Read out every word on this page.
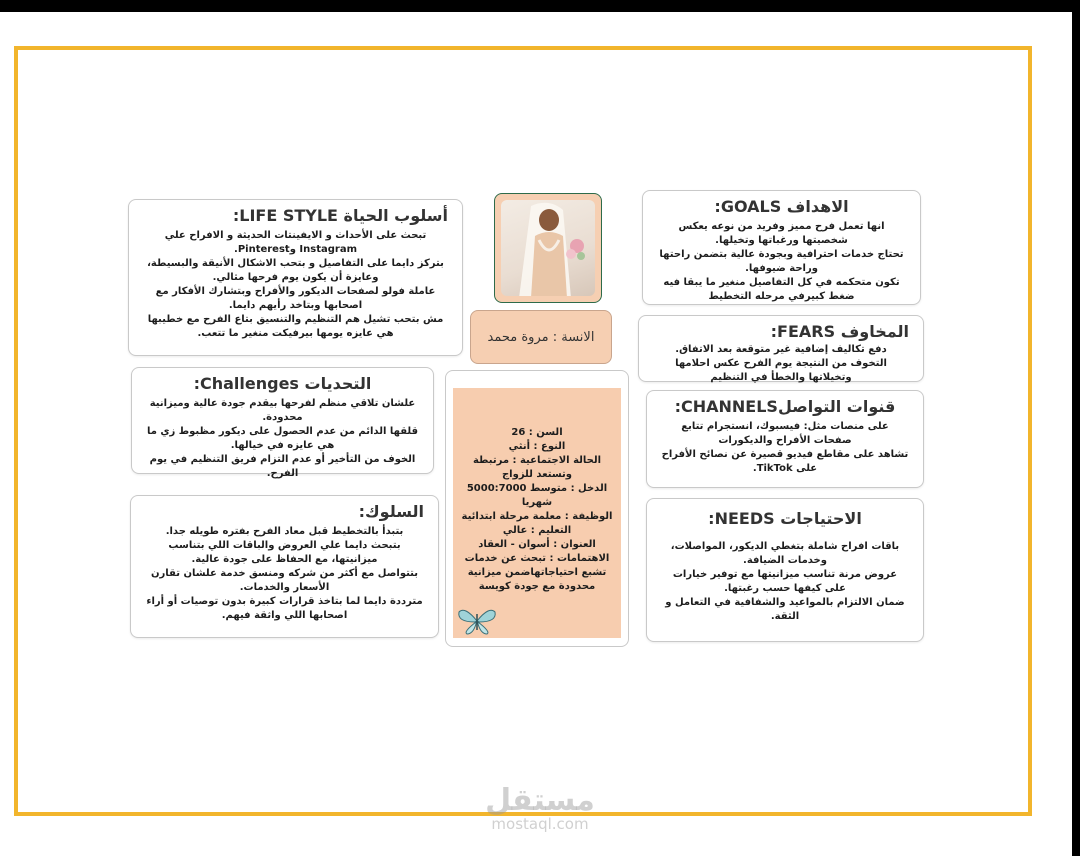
أسلوب الحياة LIFE STYLE:

تبحث على الأحداث و الايفينتات الحديثة و الافراح علي Instagram وPinterest.

بتركز دايما على التفاصيل و بتحب الاشكال الأنيقة والبسيطة، وعايزة أن يكون يوم فرحها مثالي.

عاملة فولو لصفحات الديكور والأفراح وبتشارك الأفكار مع اصحابها وبتاخد رأيهم دايما.

مش بتحب تشيل هم التنظيم والتنسيق بتاع الفرح مع خطيبها هي عايزه يومها بيرفيكت منغير ما تتعب.

التحديات Challenges:

علشان تلاقي منظم لفرحها بيقدم جودة عالية وميزانية محدودة.

قلقها الدائم من عدم الحصول على ديكور مظبوط زي ما هي عايزه في خيالها.

الخوف من التأخير أو عدم التزام فريق التنظيم في يوم الفرح.

السلوك:

بتبدأ بالتخطيط قبل معاد الفرح بفتره طويله جدا.

بتبحث دايما علي العروض والباقات اللي بتناسب ميزانيتها، مع الحفاظ على جودة عالية.

بتتواصل مع أكثر من شركه ومنسق خدمة علشان تقارن الأسعار والخدمات.

مترددة دايما لما بتاخذ قرارات كبيرة بدون توصيات أو أراء اصحابها اللي واثقة فيهم.

الانسة : مروة محمد

السن : 26

النوع : أنثي

الحالة الاجتماعية : مرتبطة وتستعد للزواج

الدخل : متوسط 5000:7000 شهريا

الوظيفة : معلمة مرحلة ابتدائية

التعليم : عالي

العنوان : أسوان - العقاد

الاهتمامات : تبحث عن خدمات تشبع احتياجاتهاضمن ميزانية محدودة مع جودة كويسة

الاهداف GOALS:

انها تعمل فرح مميز وفريد من نوعه يعكس شخصيتها ورغباتها وتخيلها.

تحتاج خدمات احترافية وبجودة عالية بتضمن راحتها وراحة ضيوفها.

تكون متحكمه في كل التفاصيل منغير ما يبقا فيه ضغط كبيرفي مرحله التخطيط

المخاوف FEARS:

دفع تكاليف إضافية غير متوقعة بعد الاتفاق.

التخوف من النتيجة يوم الفرح عكس احلامها وتخيلاتها والخطأ في التنظيم

قنوات التواصلCHANNELS:

على منصات مثل: فيسبوك، انستجرام تتابع صفحات الأفراح والديكورات

تشاهد على مقاطع فيديو قصيرة عن نصائح الأفراح على TikTok.

الاحتياجات NEEDS:

باقات افراح شاملة بتغطي الديكور، المواصلات، وخدمات الضيافة.

عروض مرنة تناسب ميزانيتها مع توفير خيارات على كيفها حسب رغبتها.

ضمان الالتزام بالمواعيد والشفافية في التعامل و الثقة.

مستقل
mostaql.com
